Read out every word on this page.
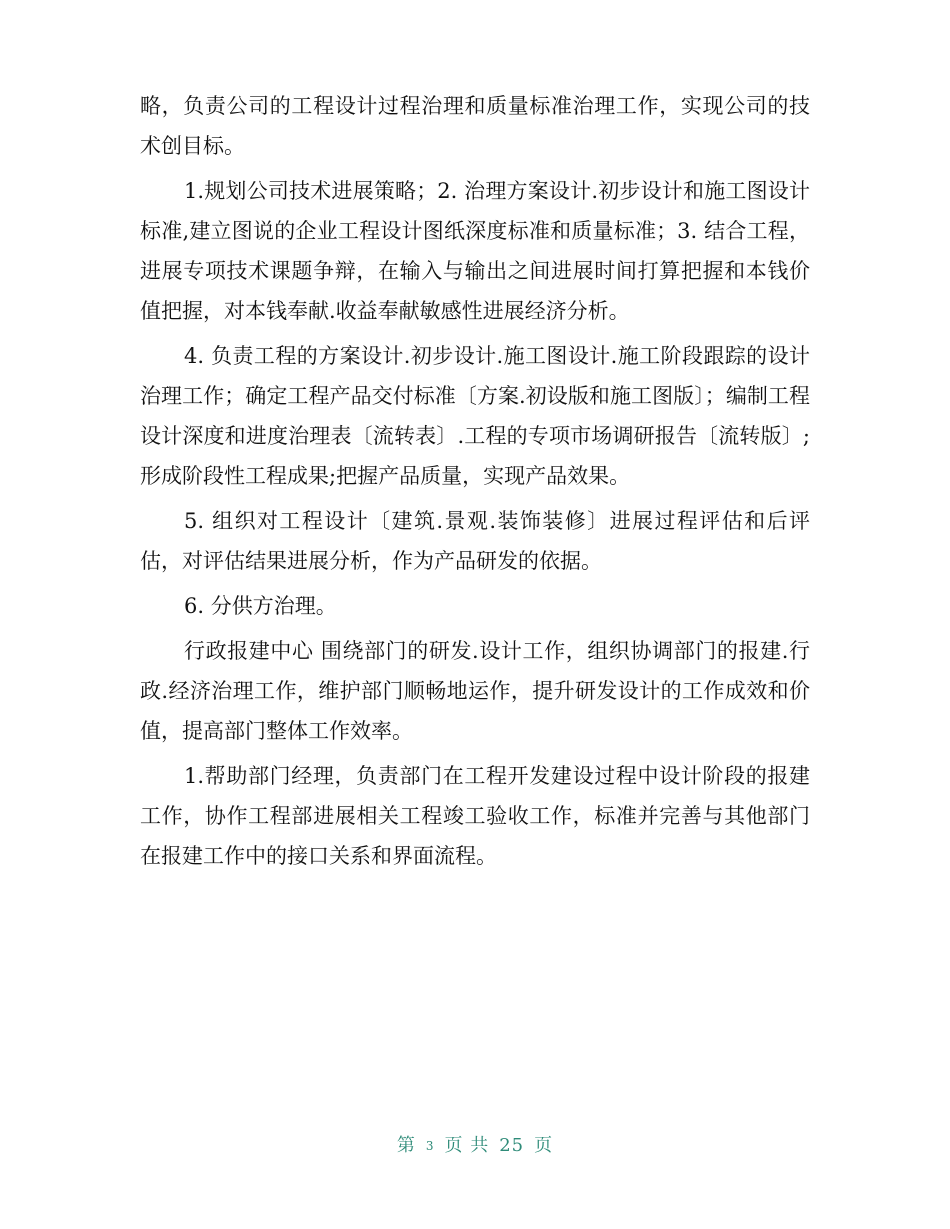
略，负责公司的工程设计过程治理和质量标准治理工作，实现公司的技术创目标。

1.规划公司技术进展策略；2. 治理方案设计.初步设计和施工图设计标准,建立图说的企业工程设计图纸深度标准和质量标准；3. 结合工程，进展专项技术课题争辩，在输入与输出之间进展时间打算把握和本钱价值把握，对本钱奉献.收益奉献敏感性进展经济分析。

4. 负责工程的方案设计.初步设计.施工图设计.施工阶段跟踪的设计治理工作；确定工程产品交付标准〔方案.初设版和施工图版〕；编制工程设计深度和进度治理表〔流转表〕.工程的专项市场调研报告〔流转版〕;形成阶段性工程成果;把握产品质量，实现产品效果。

5. 组织对工程设计〔建筑.景观.装饰装修〕进展过程评估和后评估，对评估结果进展分析，作为产品研发的依据。

6. 分供方治理。

行政报建中心 围绕部门的研发.设计工作，组织协调部门的报建.行政.经济治理工作，维护部门顺畅地运作，提升研发设计的工作成效和价值，提高部门整体工作效率。

1.帮助部门经理，负责部门在工程开发建设过程中设计阶段的报建工作，协作工程部进展相关工程竣工验收工作，标准并完善与其他部门在报建工作中的接口关系和界面流程。

第 3 页 共 25 页
